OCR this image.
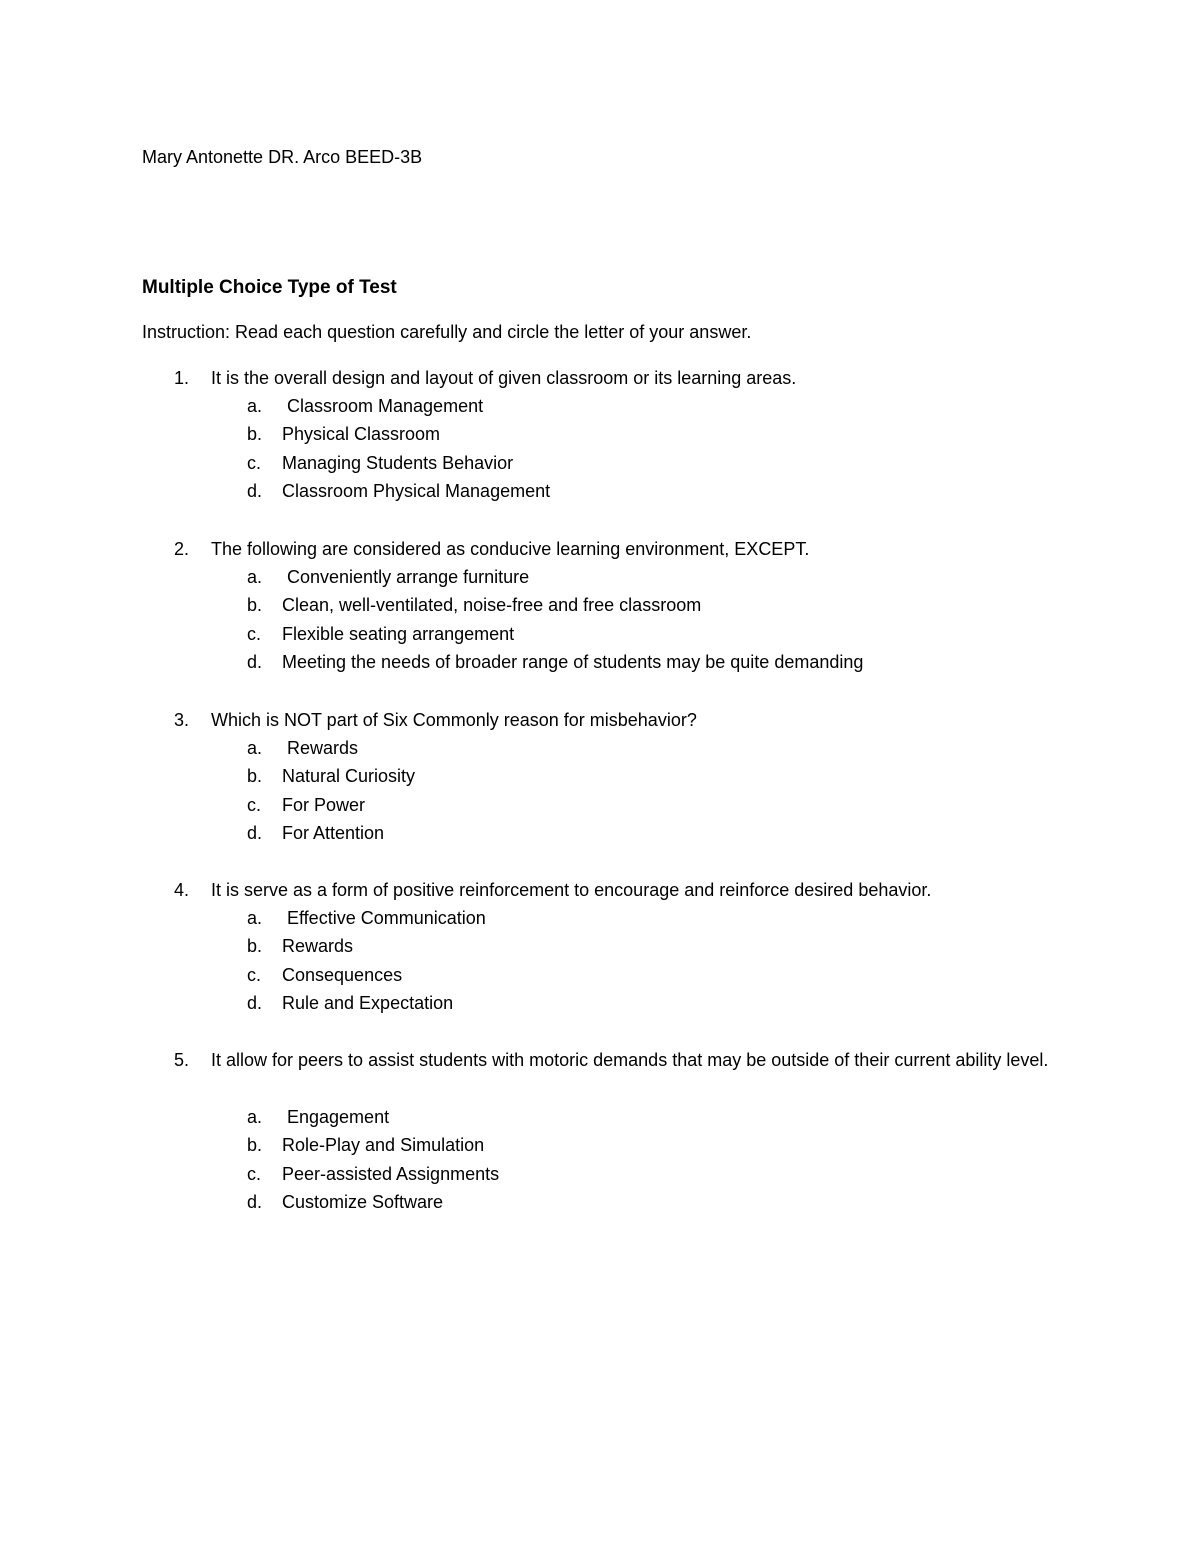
Mary Antonette DR. Arco BEED-3B
Multiple Choice Type of Test
Instruction: Read each question carefully and circle the letter of your answer.
1. It is the overall design and layout of given classroom or its learning areas.
a. Classroom Management
b. Physical Classroom
c. Managing Students Behavior
d. Classroom Physical Management
2. The following are considered as conducive learning environment, EXCEPT.
a. Conveniently arrange furniture
b. Clean, well-ventilated, noise-free and free classroom
c. Flexible seating arrangement
d. Meeting the needs of broader range of students may be quite demanding
3. Which is NOT part of Six Commonly reason for misbehavior?
a. Rewards
b. Natural Curiosity
c. For Power
d. For Attention
4. It is serve as a form of positive reinforcement to encourage and reinforce desired behavior.
a. Effective Communication
b. Rewards
c. Consequences
d. Rule and Expectation
5. It allow for peers to assist students with motoric demands that may be outside of their current ability level.
a. Engagement
b. Role-Play and Simulation
c. Peer-assisted Assignments
d. Customize Software
